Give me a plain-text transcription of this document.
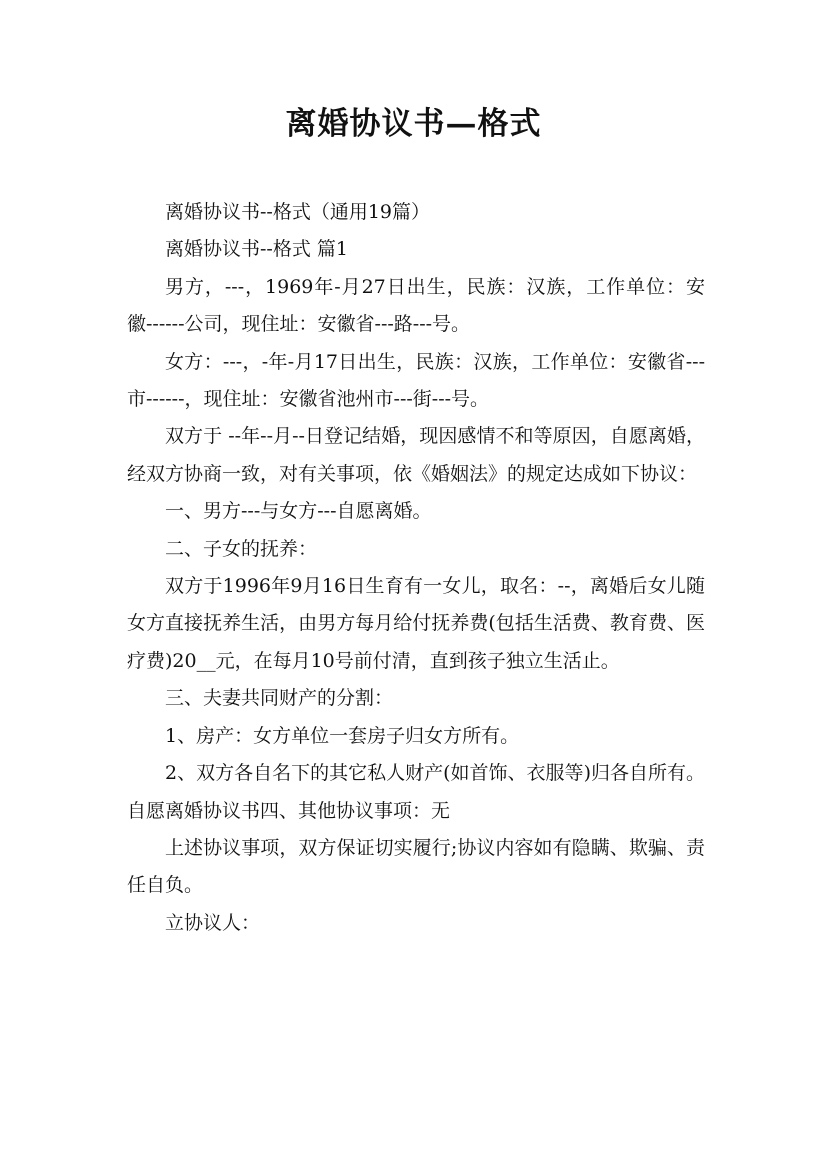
离婚协议书—格式

离婚协议书--格式（通用19篇）

离婚协议书--格式 篇1

男方，---，1969年-月27日出生，民族：汉族，工作单位：安徽------公司，现住址：安徽省---路---号。

女方：---，-年-月17日出生，民族：汉族，工作单位：安徽省---市------，现住址：安徽省池州市---街---号。

双方于 --年--月--日登记结婚，现因感情不和等原因，自愿离婚，经双方协商一致，对有关事项，依《婚姻法》的规定达成如下协议：

一、男方---与女方---自愿离婚。

二、子女的抚养：

双方于1996年9月16日生育有一女儿，取名：--，离婚后女儿随女方直接抚养生活，由男方每月给付抚养费(包括生活费、教育费、医疗费)20__元，在每月10号前付清，直到孩子独立生活止。

三、夫妻共同财产的分割：

1、房产：女方单位一套房子归女方所有。

2、双方各自名下的其它私人财产(如首饰、衣服等)归各自所有。自愿离婚协议书四、其他协议事项：无

上述协议事项，双方保证切实履行;协议内容如有隐瞒、欺骗、责任自负。

立协议人：
